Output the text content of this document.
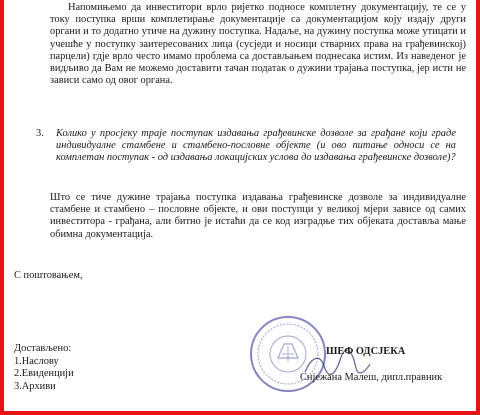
Напомињемо да инвеститори врло ријетко подносе комплетну документацију, те се у току поступка врши комплетирање документације са документацијом коју издају други органи и то додатно утиче на дужину поступка. Надаље, на дужину поступка може утицати и учешће у поступку заитересованих лица (сусједи и носици стварних права на грађевинској) парцели) гдје врло често имамо проблема са достављањем поднесака истим. Из наведеног је видљиво да Вам не можемо доставити тачан податак о дужини трајања поступка, јер исти не зависи само од овог органа.

3. Колико у просјеку траје поступак издавања грађевинске дозволе за грађане који граде индивидуалне стамбене и стамбено-пословне објекте (и ово питање односи се на комплетан поступак - од издавања локацијских услова до издавања грађевинске дозволе)?

Што се тиче дужине трајања поступка издавања грађевинске дозволе за индивидуалне стамбене и стамбено – пословне објекте, и ови поступци у великој мјери зависе од самих инвеститора - грађана, али битно је истаћи да се код изградње тих објеката доставља мање обимна документација.

С поштовањем,

Достављено:
1.Наслову
2.Евиденцији
3.Архиви

ШЕФ ОДСЈЕКА

Снјежана Малеш, дипл.правник
